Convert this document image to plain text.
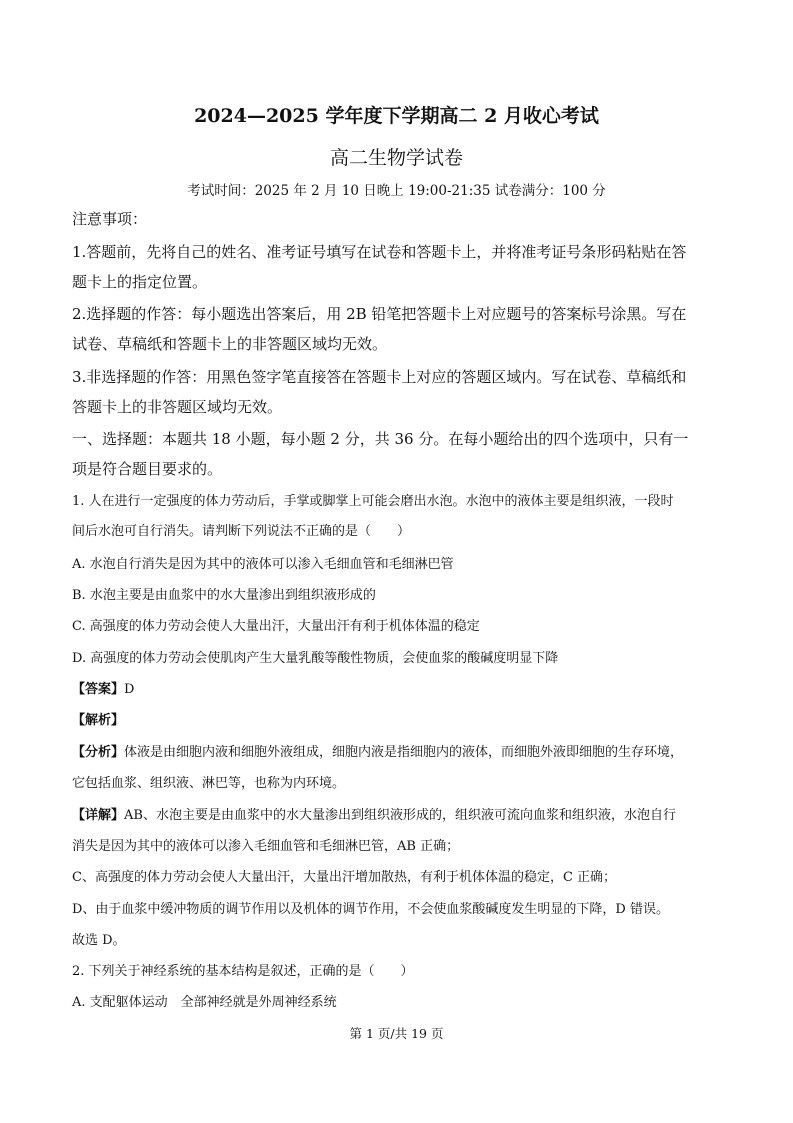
2024—2025 学年度下学期高二 2 月收心考试
高二生物学试卷
考试时间：2025 年 2 月 10 日晚上 19:00-21:35 试卷满分：100 分
注意事项：
1.答题前，先将自己的姓名、准考证号填写在试卷和答题卡上，并将准考证号条形码粘贴在答
题卡上的指定位置。
2.选择题的作答：每小题选出答案后，用 2B 铅笔把答题卡上对应题号的答案标号涂黑。写在
试卷、草稿纸和答题卡上的非答题区域均无效。
3.非选择题的作答：用黑色签字笔直接答在答题卡上对应的答题区域内。写在试卷、草稿纸和
答题卡上的非答题区域均无效。
一、选择题：本题共 18 小题，每小题 2 分，共 36 分。在每小题给出的四个选项中，只有一
项是符合题目要求的。
1. 人在进行一定强度的体力劳动后，手掌或脚掌上可能会磨出水泡。水泡中的液体主要是组织液，一段时
间后水泡可自行消失。请判断下列说法不正确的是（　　）
A. 水泡自行消失是因为其中的液体可以渗入毛细血管和毛细淋巴管
B. 水泡主要是由血浆中的水大量渗出到组织液形成的
C. 高强度的体力劳动会使人大量出汗，大量出汗有利于机体体温的稳定
D. 高强度的体力劳动会使肌肉产生大量乳酸等酸性物质，会使血浆的酸碱度明显下降
【答案】D
【解析】
【分析】体液是由细胞内液和细胞外液组成，细胞内液是指细胞内的液体，而细胞外液即细胞的生存环境，
它包括血浆、组织液、淋巴等，也称为内环境。
【详解】AB、水泡主要是由血浆中的水大量渗出到组织液形成的，组织液可流向血浆和组织液，水泡自行
消失是因为其中的液体可以渗入毛细血管和毛细淋巴管，AB 正确；
C、高强度的体力劳动会使人大量出汗，大量出汗增加散热，有利于机体体温的稳定，C 正确；
D、由于血浆中缓冲物质的调节作用以及机体的调节作用，不会使血浆酸碱度发生明显的下降，D 错误。
故选 D。
2. 下列关于神经系统的基本结构是叙述，正确的是（　　）
A. 支配躯体运动　全部神经就是外周神经系统
第 1 页/共 19 页
